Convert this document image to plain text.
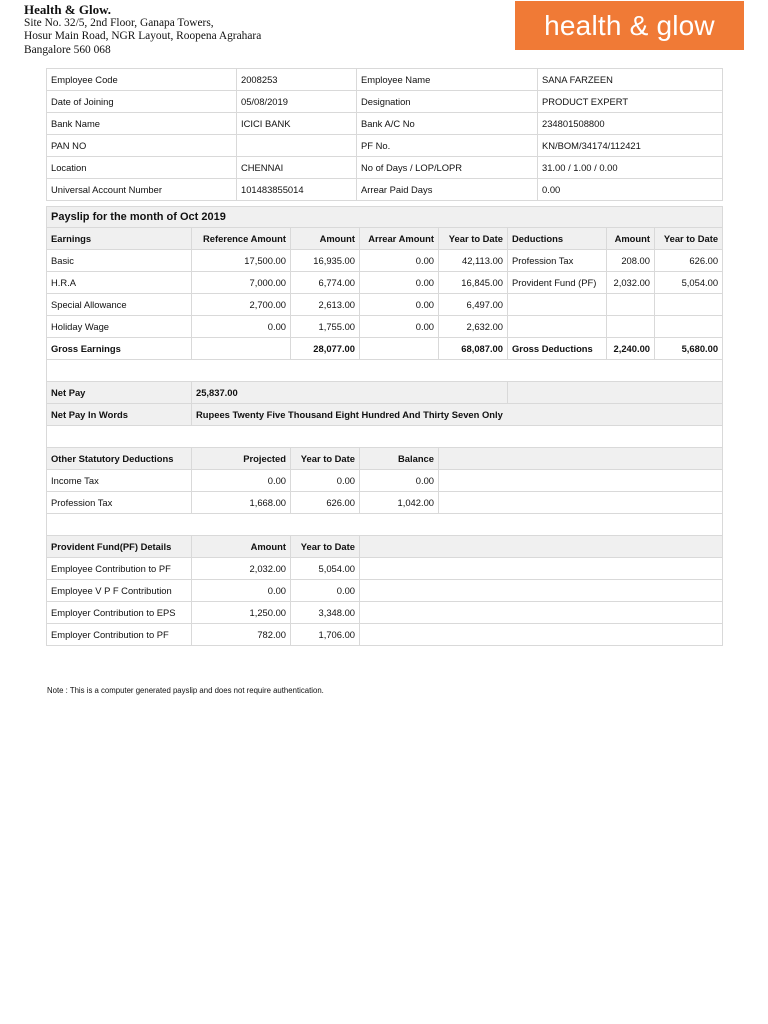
Health & Glow.
Site No. 32/5, 2nd Floor, Ganapa Towers,
Hosur Main Road, NGR Layout, Roopena Agrahara
Bangalore 560 068
health & glow
Employee Code	2008253	Employee Name	SANA FARZEEN
Date of Joining	05/08/2019	Designation	PRODUCT EXPERT
Bank Name	ICICI BANK	Bank A/C No	234801508800
PAN NO		PF No.	KN/BOM/34174/112421
Location	CHENNAI	No of Days / LOP/LOPR	31.00 / 1.00 / 0.00
Universal Account Number	101483855014	Arrear Paid Days	0.00
Payslip for the month of Oct 2019							
Earnings	Reference Amount	Amount	Arrear Amount	Year to Date	Deductions	Amount	Year to Date
Basic	17,500.00	16,935.00	0.00	42,113.00	Profession Tax	208.00	626.00
H.R.A	7,000.00	6,774.00	0.00	16,845.00	Provident Fund (PF)	2,032.00	5,054.00
Special Allowance	2,700.00	2,613.00	0.00	6,497.00			
Holiday Wage	0.00	1,755.00	0.00	2,632.00			
Gross Earnings		28,077.00		68,087.00	Gross Deductions	2,240.00	5,680.00

Net Pay	25,837.00						
Net Pay In Words	Rupees Twenty Five Thousand Eight Hundred And Thirty Seven Only						

Other Statutory Deductions	Projected	Year to Date	Balance				
Income Tax	0.00	0.00	0.00				
Profession Tax	1,668.00	626.00	1,042.00				

Provident Fund(PF) Details	Amount	Year to Date					
Employee Contribution to PF	2,032.00	5,054.00					
Employee V P F Contribution	0.00	0.00					
Employer Contribution to EPS	1,250.00	3,348.00					
Employer Contribution to PF	782.00	1,706.00					
Note : This is a computer generated payslip and does not require authentication.
